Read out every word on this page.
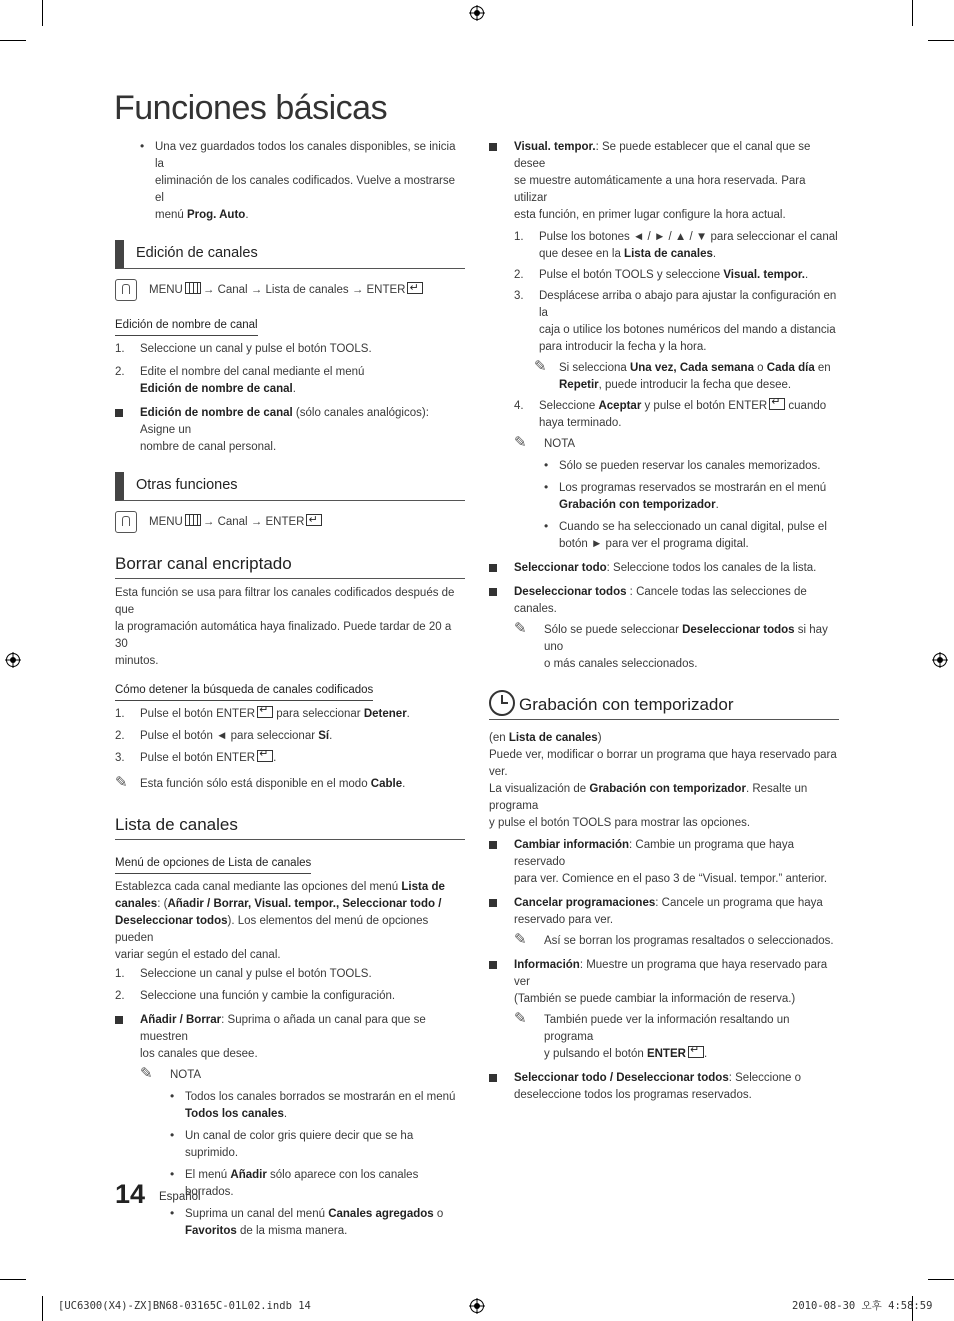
Funciones básicas
• Una vez guardados todos los canales disponibles, se inicia la
eliminación de los canales codificados. Vuelve a mostrarse el
menú Prog. Auto.
Edición de canales
MENU → Canal → Lista de canales → ENTER↵
Edición de nombre de canal
1. Seleccione un canal y pulse el botón TOOLS.
2. Edite el nombre del canal mediante el menú
Edición de nombre de canal.
Edición de nombre de canal (sólo canales analógicos): Asigne un
nombre de canal personal.
Otras funciones
MENU → Canal → ENTER↵
Borrar canal encriptado
Esta función se usa para filtrar los canales codificados después de que
la programación automática haya finalizado. Puede tardar de 20 a 30
minutos.
Cómo detener la búsqueda de canales codificados
1. Pulse el botón ENTER↵ para seleccionar Detener.
2. Pulse el botón ◄ para seleccionar Sí.
3. Pulse el botón ENTER ↵ .
✎ Esta función sólo está disponible en el modo Cable.
Lista de canales
Menú de opciones de Lista de canales
Establezca cada canal mediante las opciones del menú Lista de
canales: (Añadir / Borrar, Visual. tempor., Seleccionar todo /
Deseleccionar todos). Los elementos del menú de opciones pueden
variar según el estado del canal.
1. Seleccione un canal y pulse el botón TOOLS.
2. Seleccione una función y cambie la configuración.
Añadir / Borrar: Suprima o añada un canal para que se muestren
los canales que desee.
✎ NOTA
• Todos los canales borrados se mostrarán en el menú
Todos los canales.
• Un canal de color gris quiere decir que se ha suprimido.
• El menú Añadir sólo aparece con los canales borrados.
• Suprima un canal del menú Canales agregados o
Favoritos de la misma manera.
Visual. tempor.: Se puede establecer que el canal que se desee
se muestre automáticamente a una hora reservada. Para utilizar
esta función, en primer lugar configure la hora actual.
1. Pulse los botones ◄ / ► / ▲ / ▼ para seleccionar el canal
que desee en la Lista de canales.
2. Pulse el botón TOOLS y seleccione Visual. tempor..
3. Desplácese arriba o abajo para ajustar la configuración en la
caja o utilice los botones numéricos del mando a distancia
para introducir la fecha y la hora.
✎ Si selecciona Una vez, Cada semana o Cada día en
Repetir, puede introducir la fecha que desee.
4. Seleccione Aceptar y pulse el botón ENTER↵ cuando
haya terminado.
✎ NOTA
• Sólo se pueden reservar los canales memorizados.
• Los programas reservados se mostrarán en el menú
Grabación con temporizador.
• Cuando se ha seleccionado un canal digital, pulse el
botón ► para ver el programa digital.
Seleccionar todo: Seleccione todos los canales de la lista.
Deseleccionar todos : Cancele todas las selecciones de canales.
✎ Sólo se puede seleccionar Deseleccionar todos si hay uno
o más canales seleccionados.
Grabación con temporizador
(en Lista de canales)
Puede ver, modificar o borrar un programa que haya reservado para ver.
La visualización de Grabación con temporizador. Resalte un programa
y pulse el botón TOOLS para mostrar las opciones.
Cambiar información: Cambie un programa que haya reservado
para ver. Comience en el paso 3 de “Visual. tempor.” anterior.
Cancelar programaciones: Cancele un programa que haya
reservado para ver.
✎ Así se borran los programas resaltados o seleccionados.
Información: Muestre un programa que haya reservado para ver
(También se puede cambiar la información de reserva.)
✎ También puede ver la información resaltando un programa
y pulsando el botón ENTER ↵ .
Seleccionar todo / Deseleccionar todos: Seleccione o
deseleccione todos los programas reservados.
14 Español
[UC6300(X4)-ZX]BN68-03165C-01L02.indb 14	2010-08-30 오후 4:58:59
